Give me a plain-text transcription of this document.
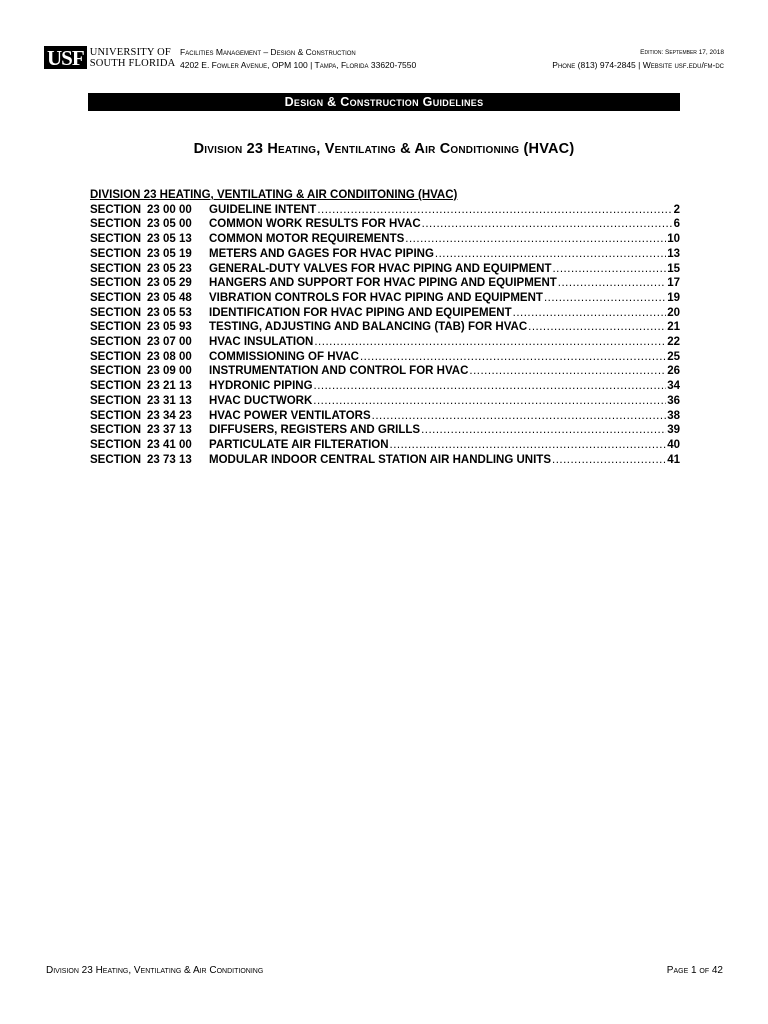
USF UNIVERSITY OF
SOUTH FLORIDA
Facilities Management – Design & Construction
4202 E. Fowler Avenue, OPM 100 | Tampa, Florida 33620-7550
Edition: September 17, 2018
Phone (813) 974-2845 | Website usf.edu/fm-dc
Design & Construction Guidelines
Division 23 Heating, Ventilating & Air Conditioning (HVAC)
DIVISION 23 HEATING, VENTILATING & AIR CONDIITONING (HVAC)
SECTION 23 00 00	GUIDELINE INTENT .....	2
SECTION 23 05 00	COMMON WORK RESULTS FOR HVAC .....	6
SECTION 23 05 13	COMMON MOTOR REQUIREMENTS .....	10
SECTION 23 05 19	METERS AND GAGES FOR HVAC PIPING .....	13
SECTION 23 05 23	GENERAL-DUTY VALVES FOR HVAC PIPING AND EQUIPMENT .....	15
SECTION 23 05 29	HANGERS AND SUPPORT FOR HVAC PIPING AND EQUIPMENT .....	17
SECTION 23 05 48	VIBRATION CONTROLS FOR HVAC PIPING AND EQUIPMENT .....	19
SECTION 23 05 53	IDENTIFICATION FOR HVAC PIPING AND EQUIPEMENT .....	20
SECTION 23 05 93	TESTING, ADJUSTING AND BALANCING (TAB) FOR HVAC .....	21
SECTION 23 07 00	HVAC INSULATION .....	22
SECTION 23 08 00	COMMISSIONING OF HVAC .....	25
SECTION 23 09 00	INSTRUMENTATION AND CONTROL FOR HVAC .....	26
SECTION 23 21 13	HYDRONIC PIPING .....	34
SECTION 23 31 13	HVAC DUCTWORK .....	36
SECTION 23 34 23	HVAC POWER VENTILATORS .....	38
SECTION 23 37 13	DIFFUSERS, REGISTERS AND GRILLS .....	39
SECTION 23 41 00	PARTICULATE AIR FILTERATION .....	40
SECTION 23 73 13	MODULAR INDOOR CENTRAL STATION AIR HANDLING UNITS .....	41
Division 23 Heating, Ventilating & Air Conditioning	Page 1 of 42
